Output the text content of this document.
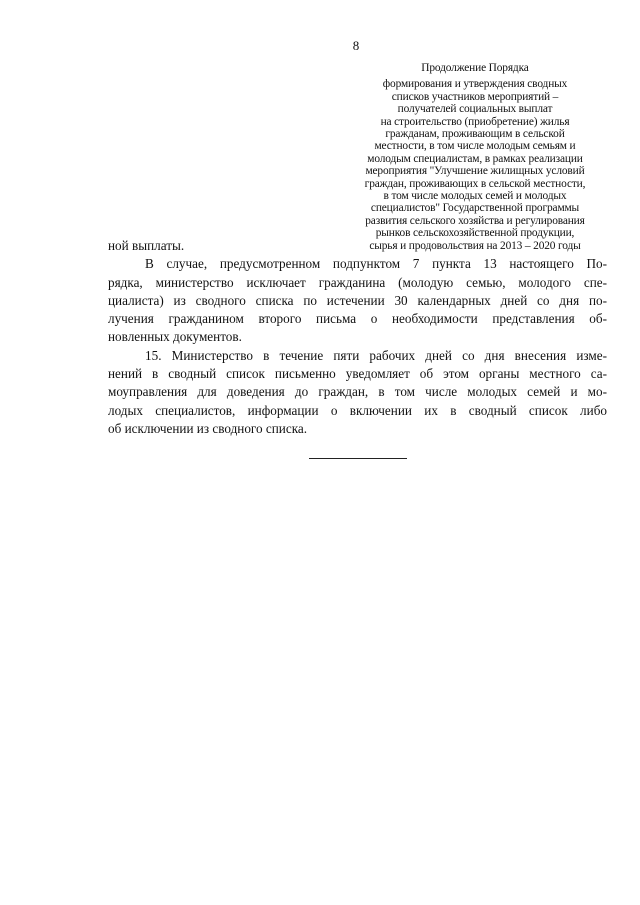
8
Продолжение Порядка
формирования и утверждения сводных
списков участников мероприятий –
получателей социальных выплат
на строительство (приобретение) жилья
гражданам, проживающим в сельской
местности, в том числе молодым семьям и
молодым специалистам, в рамках реализации
мероприятия "Улучшение жилищных условий
граждан, проживающих в сельской местности,
в том числе молодых семей и молодых
специалистов" Государственной программы
развития сельского хозяйства и регулирования
рынков сельскохозяйственной продукции,
сырья и продовольствия на 2013 – 2020 годы
ной выплаты.
В случае, предусмотренном подпунктом 7 пункта 13 настоящего По-
рядка, министерство исключает гражданина (молодую семью, молодого спе-
циалиста) из сводного списка по истечении 30 календарных дней со дня по-
лучения гражданином второго письма о необходимости представления об-
новленных документов.
15. Министерство в течение пяти рабочих дней со дня внесения изме-
нений в сводный список письменно уведомляет об этом органы местного са-
моуправления для доведения до граждан, в том числе молодых семей и мо-
лодых специалистов, информации о включении их в сводный список либо
об исключении из сводного списка.
